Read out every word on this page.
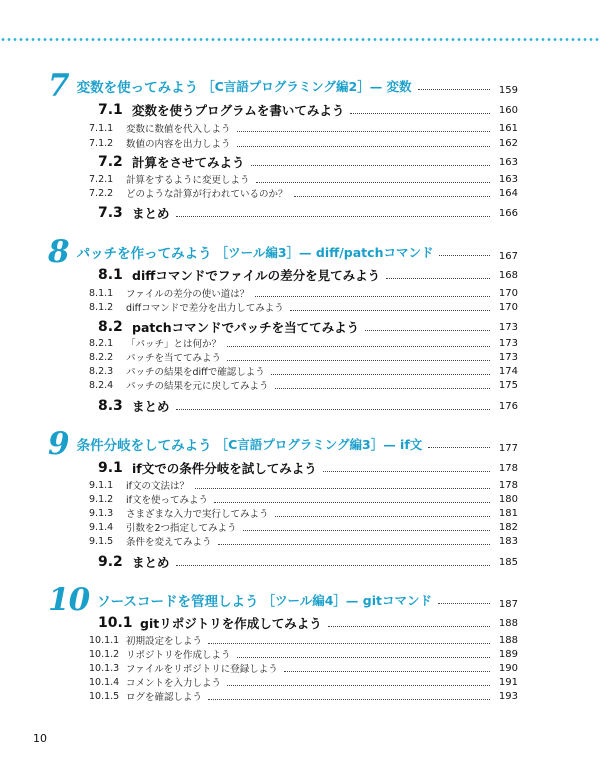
7 変数を使ってみよう ［C言語プログラミング編2］— 変数	159
7.1 変数を使うプログラムを書いてみよう	160
7.1.1	変数に数値を代入しよう	161
7.1.2	数値の内容を出力しよう	162
7.2 計算をさせてみよう	163
7.2.1	計算をするように変更しよう	163
7.2.2	どのような計算が行われているのか？	164
7.3 まとめ	166
8 パッチを作ってみよう ［ツール編3］— diff/patchコマンド	167
8.1 diffコマンドでファイルの差分を見てみよう	168
8.1.1	ファイルの差分の使い道は？	170
8.1.2	diffコマンドで差分を出力してみよう	170
8.2 patchコマンドでパッチを当ててみよう	173
8.2.1	「パッチ」とは何か？	173
8.2.2	パッチを当ててみよう	173
8.2.3	パッチの結果をdiffで確認しよう	174
8.2.4	パッチの結果を元に戻してみよう	175
8.3 まとめ	176
9 条件分岐をしてみよう ［C言語プログラミング編3］— if文	177
9.1 if文での条件分岐を試してみよう	178
9.1.1	if文の文法は？	178
9.1.2	if文を使ってみよう	180
9.1.3	さまざまな入力で実行してみよう	181
9.1.4	引数を2つ指定してみよう	182
9.1.5	条件を変えてみよう	183
9.2 まとめ	185
10 ソースコードを管理しよう ［ツール編4］— gitコマンド	187
10.1 gitリポジトリを作成してみよう	188
10.1.1 初期設定をしよう	188
10.1.2 リポジトリを作成しよう	189
10.1.3 ファイルをリポジトリに登録しよう	190
10.1.4 コメントを入力しよう	191
10.1.5 ログを確認しよう	193
10
